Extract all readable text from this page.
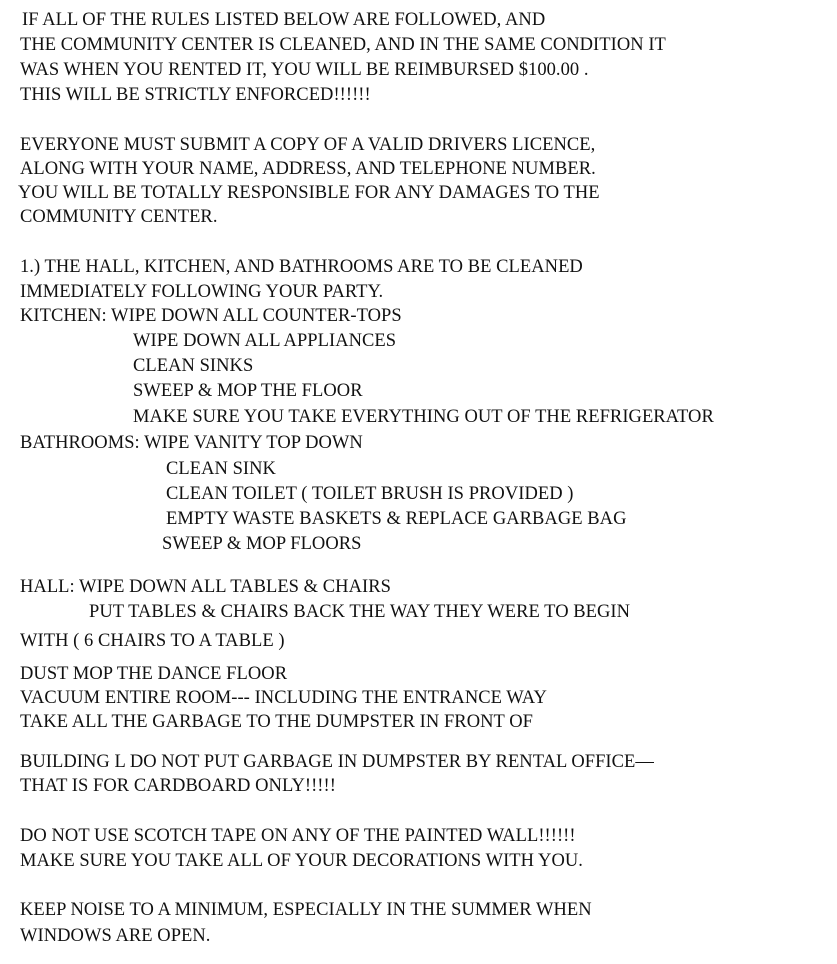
IF ALL OF THE RULES LISTED BELOW ARE FOLLOWED, AND
THE COMMUNITY CENTER IS CLEANED, AND IN THE SAME CONDITION IT
WAS WHEN YOU RENTED IT, YOU WILL BE REIMBURSED $100.00 .
THIS WILL BE STRICTLY ENFORCED!!!!!!
EVERYONE MUST SUBMIT A COPY OF A VALID DRIVERS LICENCE,
ALONG WITH YOUR NAME, ADDRESS, AND TELEPHONE NUMBER.
YOU WILL BE TOTALLY RESPONSIBLE FOR ANY DAMAGES TO THE
COMMUNITY CENTER.
1.) THE HALL, KITCHEN, AND BATHROOMS ARE TO BE CLEANED
IMMEDIATELY FOLLOWING YOUR PARTY.
KITCHEN: WIPE DOWN ALL COUNTER-TOPS
WIPE DOWN ALL APPLIANCES
CLEAN SINKS
SWEEP & MOP THE FLOOR
MAKE SURE YOU TAKE EVERYTHING OUT OF THE REFRIGERATOR
BATHROOMS: WIPE VANITY TOP DOWN
CLEAN SINK
CLEAN TOILET ( TOILET BRUSH IS PROVIDED )
EMPTY WASTE BASKETS & REPLACE GARBAGE BAG
SWEEP & MOP FLOORS
HALL: WIPE DOWN ALL TABLES & CHAIRS
PUT TABLES & CHAIRS BACK THE WAY THEY WERE TO BEGIN
WITH ( 6 CHAIRS TO A TABLE )
DUST MOP THE DANCE FLOOR
VACUUM ENTIRE ROOM--- INCLUDING THE ENTRANCE WAY
TAKE ALL THE GARBAGE TO THE DUMPSTER IN FRONT OF
BUILDING L DO NOT PUT GARBAGE IN DUMPSTER BY RENTAL OFFICE—
THAT IS FOR CARDBOARD ONLY!!!!!
DO NOT USE SCOTCH TAPE ON ANY OF THE PAINTED WALL!!!!!!
MAKE SURE YOU TAKE ALL OF YOUR DECORATIONS WITH YOU.
KEEP NOISE TO A MINIMUM, ESPECIALLY IN THE SUMMER WHEN
WINDOWS ARE OPEN.
